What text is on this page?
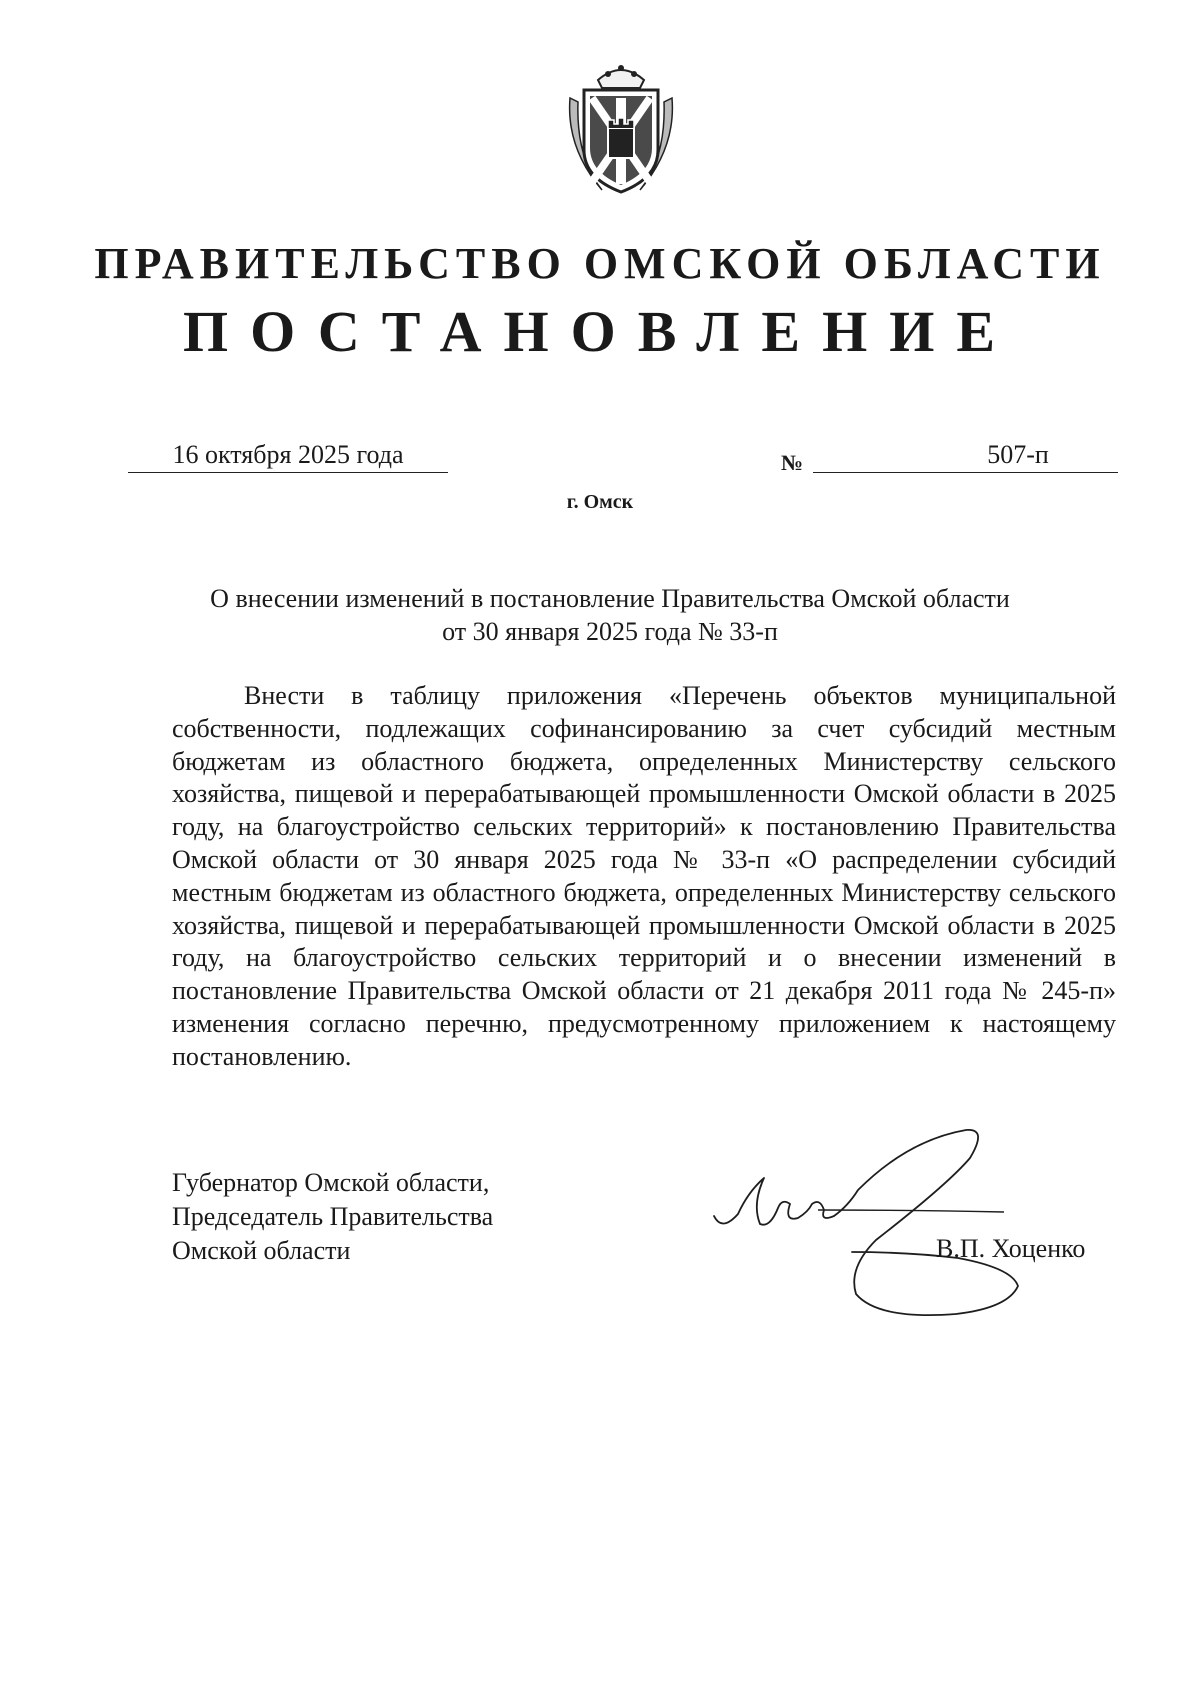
ПРАВИТЕЛЬСТВО ОМСКОЙ ОБЛАСТИ
ПОСТАНОВЛЕНИЕ
16 октября 2025 года	№	507-п
г. Омск
О внесении изменений в постановление Правительства Омской области
от 30 января 2025 года № 33-п

Внести в таблицу приложения «Перечень объектов муниципальной собственности, подлежащих софинансированию за счет субсидий местным бюджетам из областного бюджета, определенных Министерству сельского хозяйства, пищевой и перерабатывающей промышленности Омской области в 2025 году, на благоустройство сельских территорий» к постановлению Правительства Омской области от 30 января 2025 года № 33-п «О распределении субсидий местным бюджетам из областного бюджета, определенных Министерству сельского хозяйства, пищевой и перерабатывающей промышленности Омской области в 2025 году, на благоустройство сельских территорий и о внесении изменений в постановление Правительства Омской области от 21 декабря 2011 года № 245-п» изменения согласно перечню, предусмотренному приложением к настоящему постановлению.

Губернатор Омской области,
Председатель Правительства
Омской области	В.П. Хоценко
